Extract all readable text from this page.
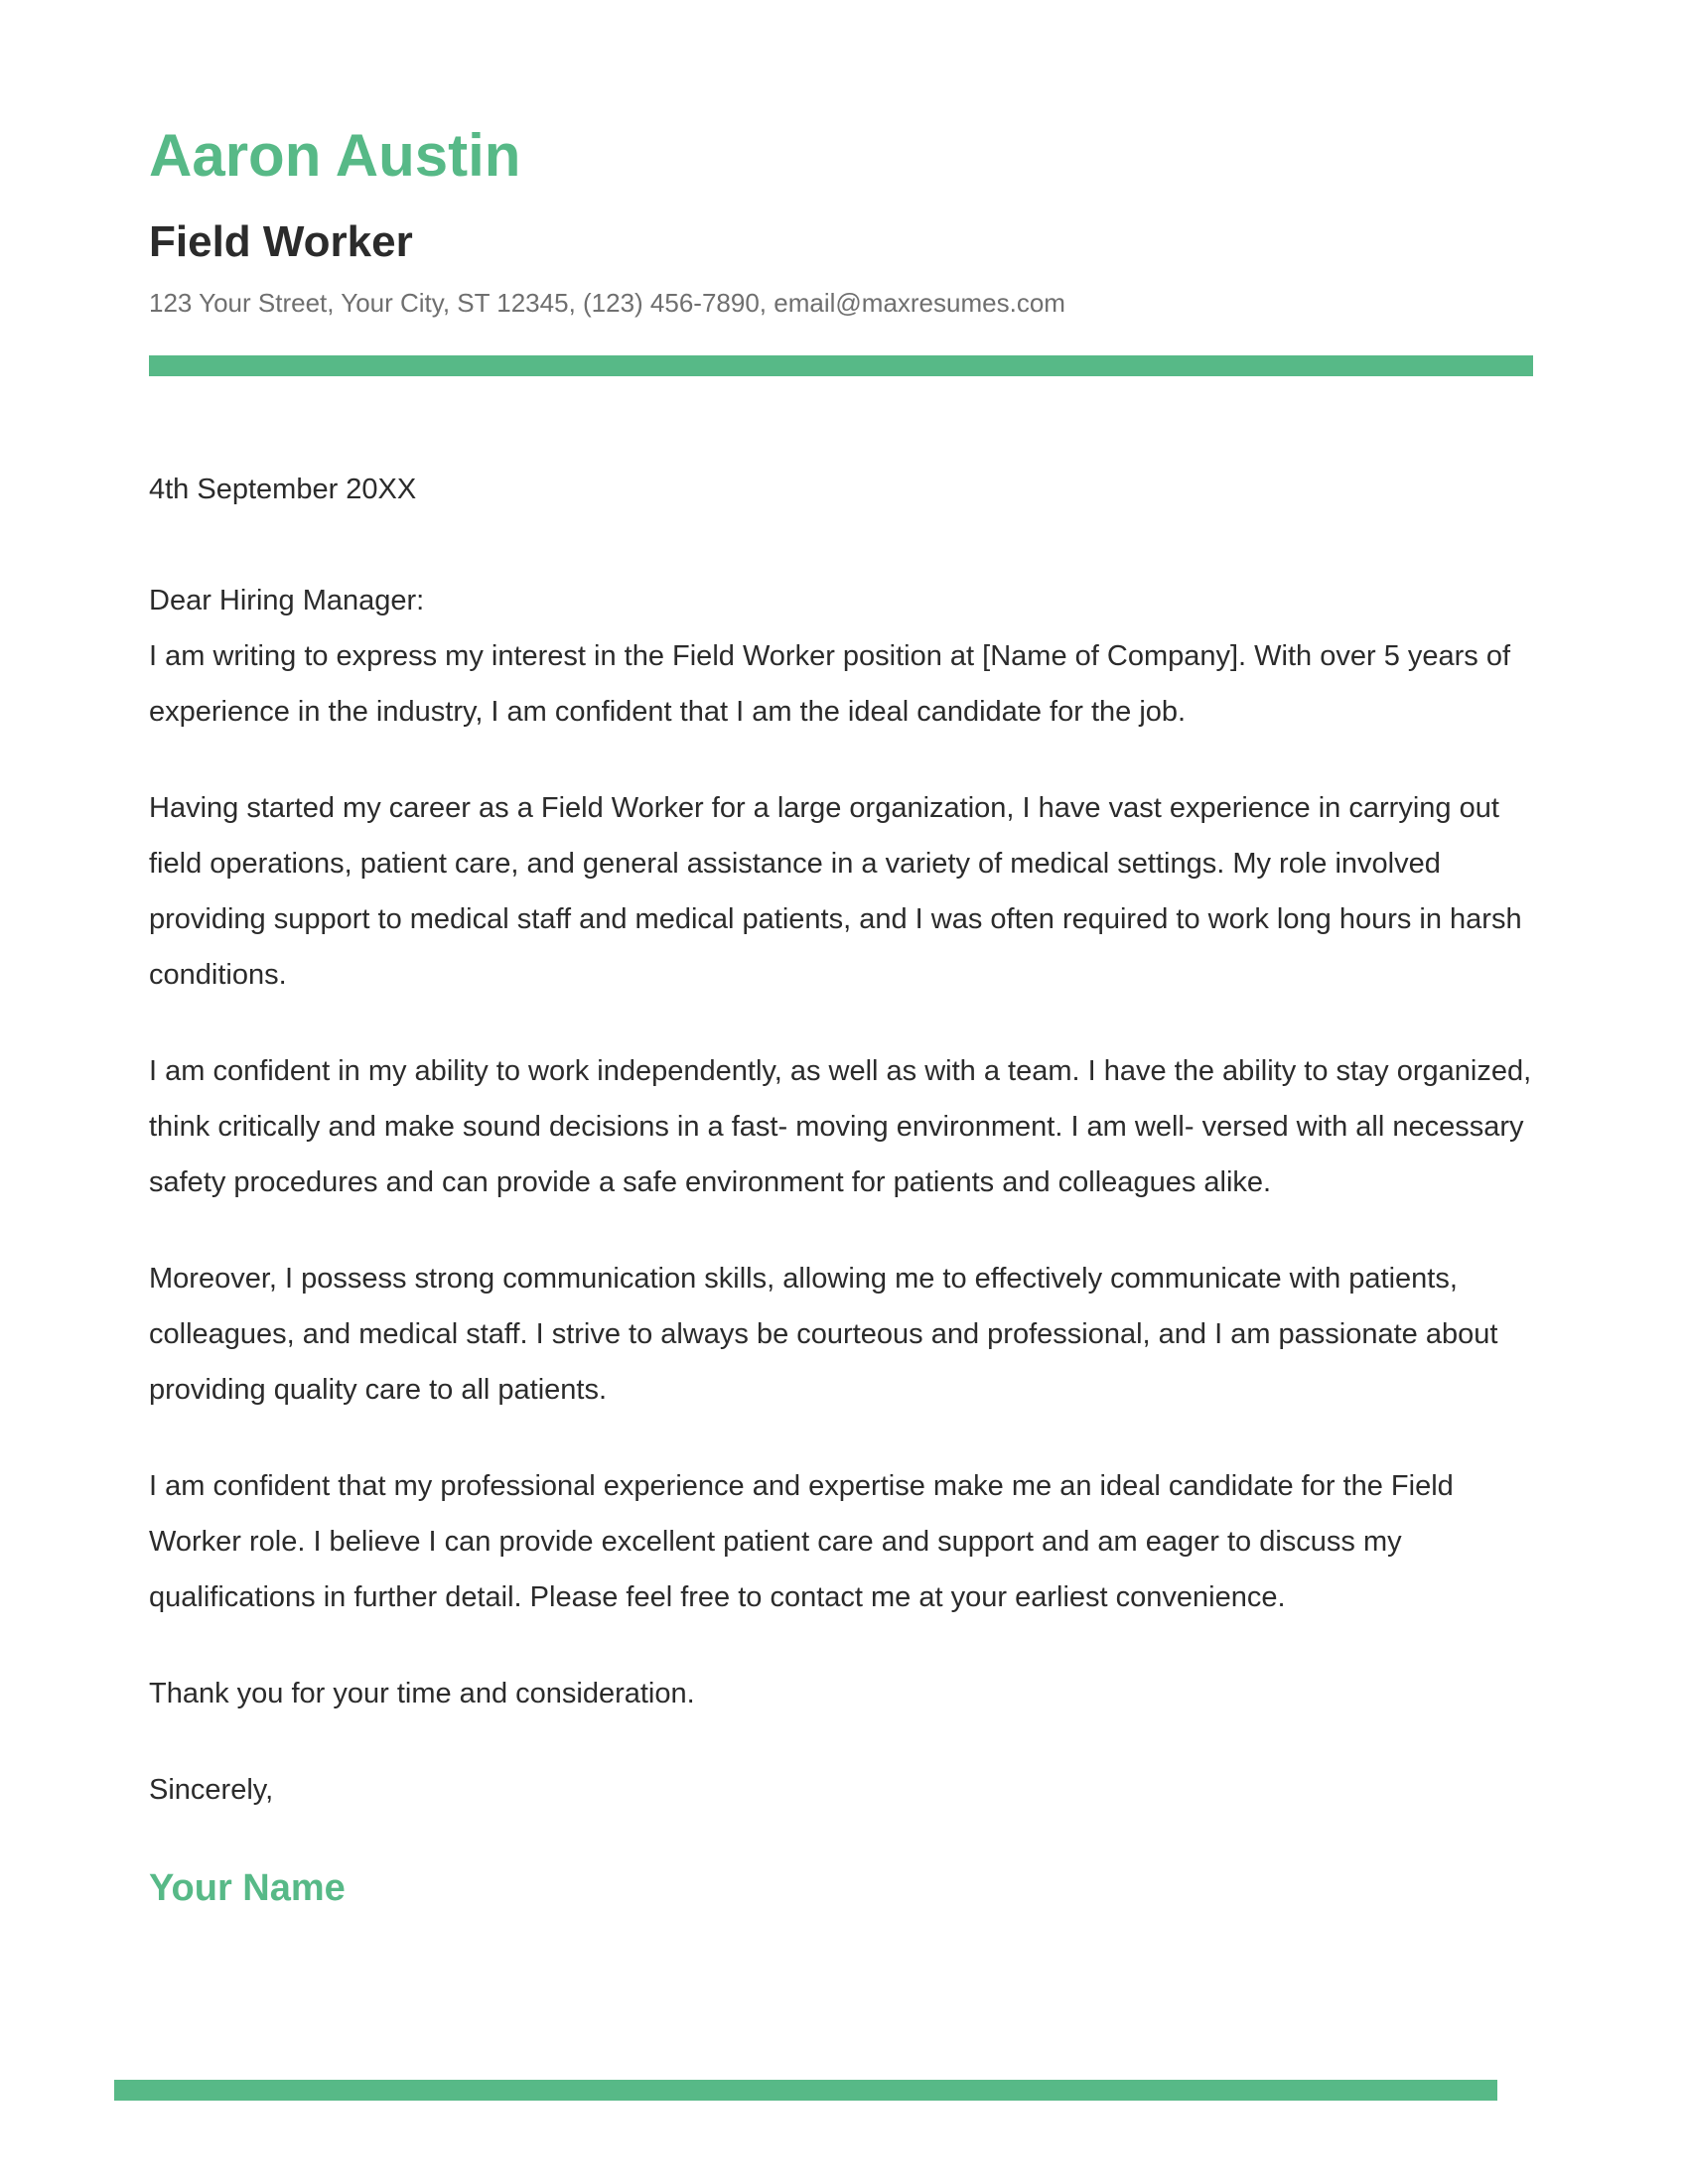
Aaron Austin
Field Worker
123 Your Street, Your City, ST 12345, (123) 456-7890, email@maxresumes.com

4th September 20XX

Dear Hiring Manager:

I am writing to express my interest in the Field Worker position at [Name of Company]. With over 5 years of experience in the industry, I am confident that I am the ideal candidate for the job.

Having started my career as a Field Worker for a large organization, I have vast experience in carrying out field operations, patient care, and general assistance in a variety of medical settings. My role involved providing support to medical staff and medical patients, and I was often required to work long hours in harsh conditions.

I am confident in my ability to work independently, as well as with a team. I have the ability to stay organized, think critically and make sound decisions in a fast- moving environment. I am well- versed with all necessary safety procedures and can provide a safe environment for patients and colleagues alike.

Moreover, I possess strong communication skills, allowing me to effectively communicate with patients, colleagues, and medical staff. I strive to always be courteous and professional, and I am passionate about providing quality care to all patients.

I am confident that my professional experience and expertise make me an ideal candidate for the Field Worker role. I believe I can provide excellent patient care and support and am eager to discuss my qualifications in further detail. Please feel free to contact me at your earliest convenience.

Thank you for your time and consideration.

Sincerely,

Your Name
